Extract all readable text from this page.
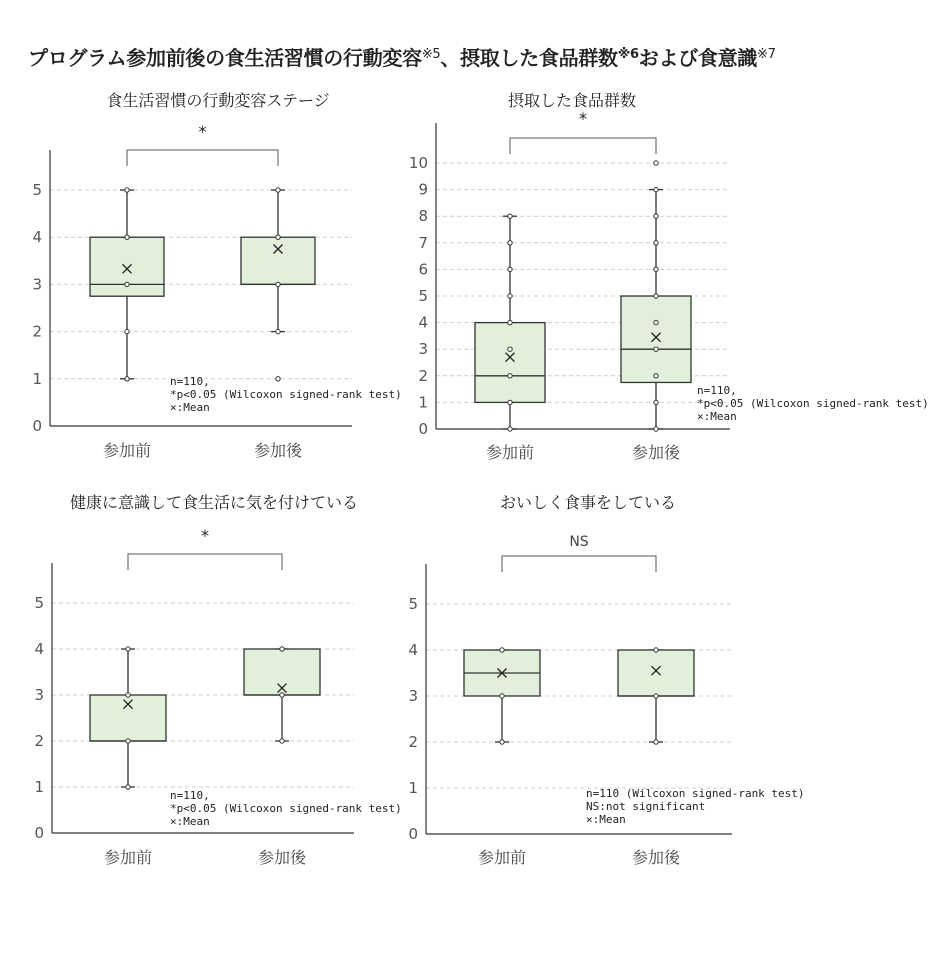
プログラム参加前後の食生活習慣の行動変容$^{※5}$、摂取した食品群数$^{※6}$および食意識$^{※7}$
食生活習慣の行動変容ステージ
0
1
2
3
4
5
*
参加前	参加後
n=110,
*p<0.05 (Wilcoxon signed-rank test)
×:Mean
摂取した食品群数
0
1
2
3
4
5
6
7
8
9
10
*
参加前	参加後
n=110,
*p<0.05 (Wilcoxon signed-rank test)
×:Mean
健康に意識して食生活に気を付けている
0
1
2
3
4
5
*
参加前	参加後
n=110,
*p<0.05 (Wilcoxon signed-rank test)
×:Mean
おいしく食事をしている
0
1
2
3
4
5
NS
参加前	参加後
n=110 (Wilcoxon signed-rank test)
NS:not significant
×:Mean
